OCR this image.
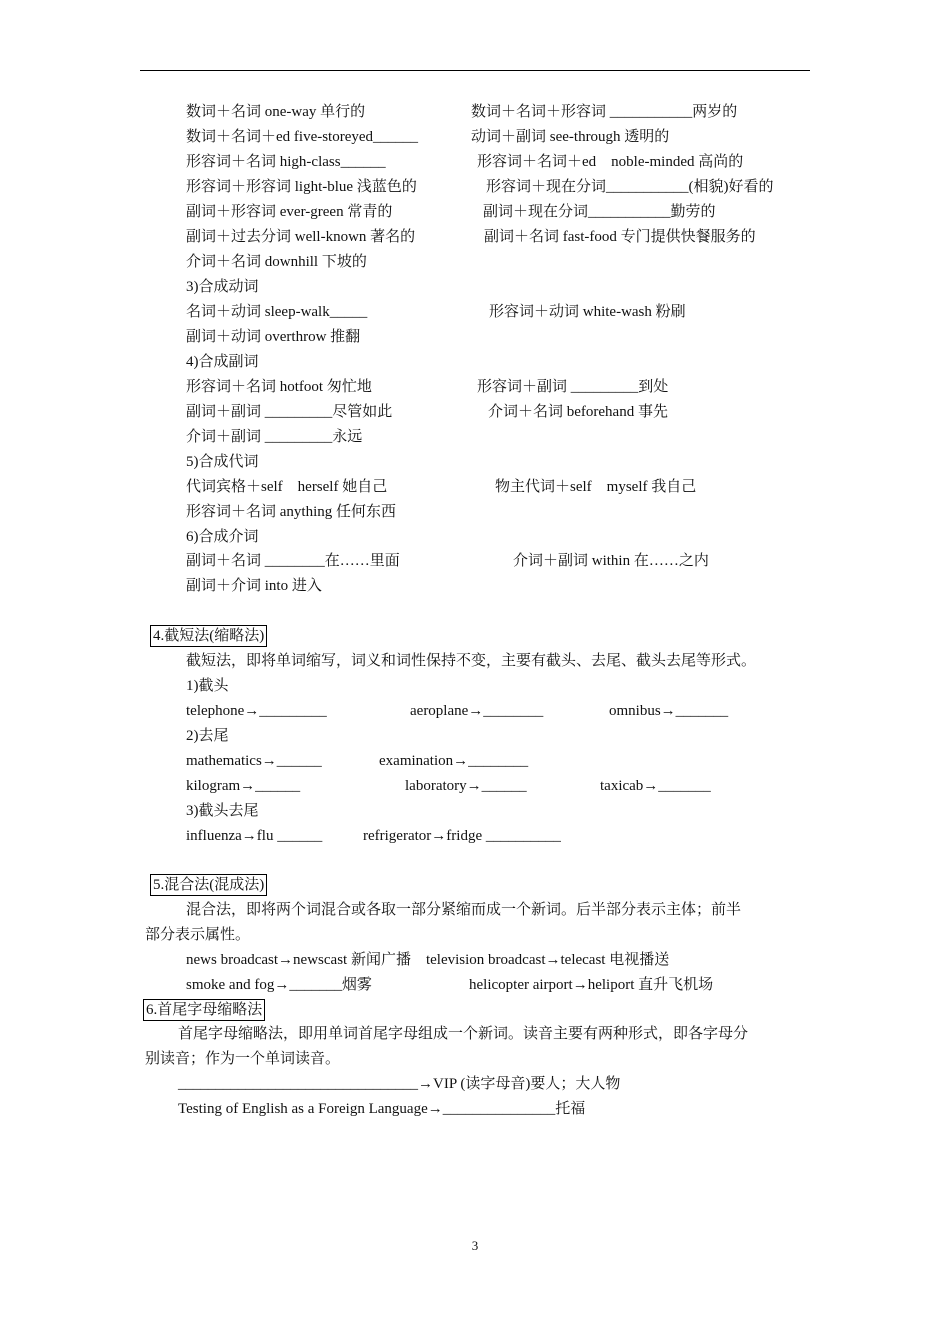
数词＋名词 one-way 单行的	数词＋名词＋形容词 ___________两岁的
数词＋名词＋ed five-storeyed______	动词＋副词 see-through 透明的
形容词＋名词 high-class______	形容词＋名词＋ed　noble-minded 高尚的
形容词＋形容词 light-blue 浅蓝色的	形容词＋现在分词___________(相貌)好看的
副词＋形容词 ever-green 常青的	副词＋现在分词___________勤劳的
副词＋过去分词 well-known 著名的	副词＋名词 fast-food 专门提供快餐服务的
介词＋名词 downhill 下坡的
3)合成动词
名词＋动词 sleep-walk_____	形容词＋动词 white-wash 粉刷
副词＋动词 overthrow 推翻
4)合成副词
形容词＋名词 hotfoot 匆忙地	形容词＋副词 _________到处
副词＋副词 _________尽管如此	介词＋名词 beforehand 事先
介词＋副词 _________永远
5)合成代词
代词宾格＋self　herself 她自己	物主代词＋self　myself 我自己
形容词＋名词 anything 任何东西
6)合成介词
副词＋名词 ________在……里面	介词＋副词 within 在……之内
副词＋介词 into 进入
4.截短法(缩略法)
截短法，即将单词缩写，词义和词性保持不变，主要有截头、去尾、截头去尾等形式。
1)截头
telephone→_________	aeroplane→________	omnibus→_______
2)去尾
mathematics→______	examination→________
kilogram→______	laboratory→______	taxicab→_______
3)截头去尾
influenza→flu ______	refrigerator→fridge __________
5.混合法(混成法)
混合法，即将两个词混合或各取一部分紧缩而成一个新词。后半部分表示主体；前半
部分表示属性。
news broadcast→newscast 新闻广播　television broadcast→telecast 电视播送
smoke and fog→_______烟雾	helicopter airport→heliport 直升飞机场
6.首尾字母缩略法
首尾字母缩略法，即用单词首尾字母组成一个新词。读音主要有两种形式，即各字母分
别读音；作为一个单词读音。
________________________________→VIP (读字母音)要人；大人物
Testing of English as a Foreign Language→_______________托福
3
